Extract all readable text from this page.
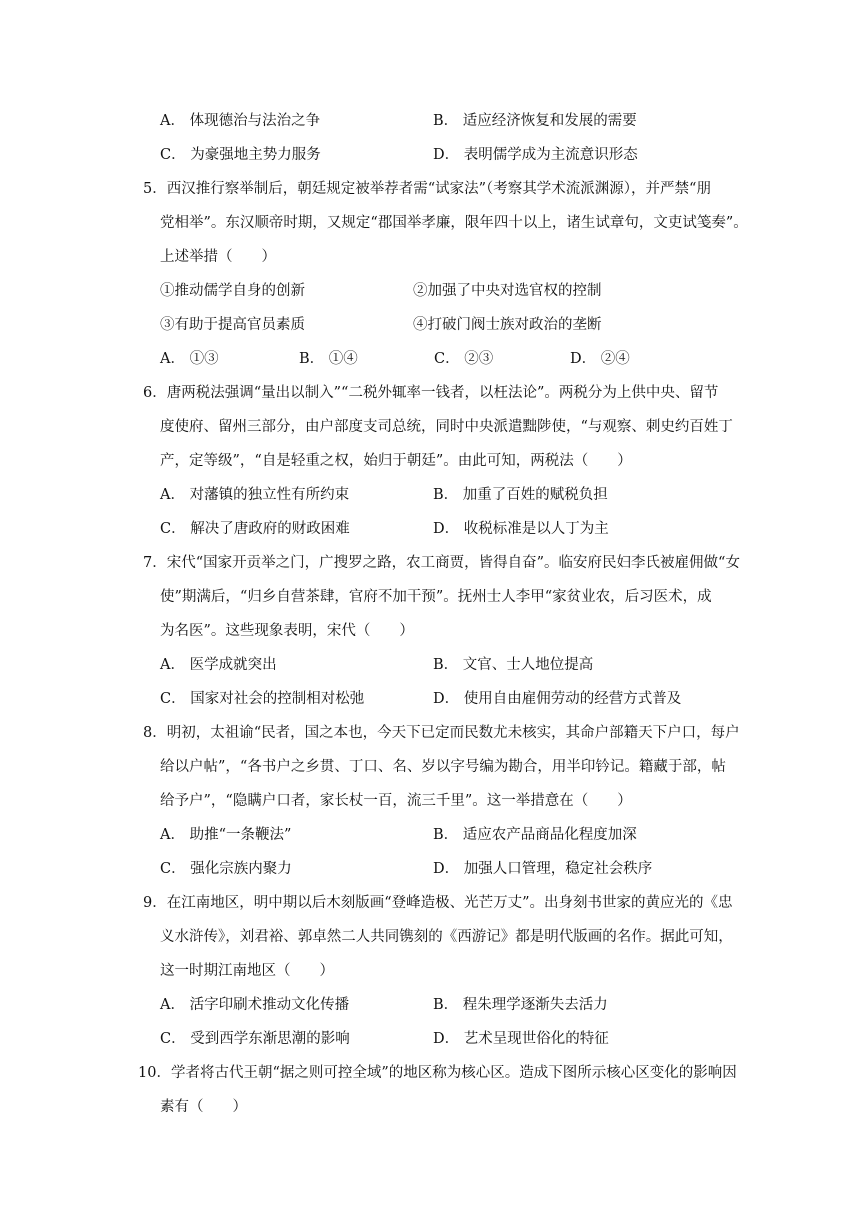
A． 体现德治与法治之争	B． 适应经济恢复和发展的需要
C． 为豪强地主势力服务	D． 表明儒学成为主流意识形态
5．西汉推行察举制后，朝廷规定被举荐者需“试家法”（考察其学术流派渊源），并严禁“朋
党相举”。东汉顺帝时期，又规定“郡国举孝廉，限年四十以上，诸生试章句，文吏试笺奏”。
上述举措（　　）
①推动儒学自身的创新	②加强了中央对选官权的控制
③有助于提高官员素质	④打破门阀士族对政治的垄断
A． ①③	B． ①④	C． ②③	D． ②④
6．唐两税法强调“量出以制入”“二税外辄率一钱者，以枉法论”。两税分为上供中央、留节
度使府、留州三部分，由户部度支司总统，同时中央派遣黜陟使，“与观察、刺史约百姓丁
产，定等级”，“自是轻重之权，始归于朝廷”。由此可知，两税法（　　）
A． 对藩镇的独立性有所约束	B． 加重了百姓的赋税负担
C． 解决了唐政府的财政困难	D． 收税标准是以人丁为主
7．宋代“国家开贡举之门，广搜罗之路，农工商贾，皆得自奋”。临安府民妇李氏被雇佣做“女
使”期满后，“归乡自营茶肆，官府不加干预”。抚州士人李甲“家贫业农，后习医术，成
为名医”。这些现象表明，宋代（　　）
A． 医学成就突出	B． 文官、士人地位提高
C． 国家对社会的控制相对松弛	D． 使用自由雇佣劳动的经营方式普及
8．明初，太祖谕“民者，国之本也，今天下已定而民数尤未核实，其命户部籍天下户口，每户
给以户帖”，“各书户之乡贯、丁口、名、岁以字号编为勘合，用半印钤记。籍藏于部，帖
给予户”，“隐瞒户口者，家长杖一百，流三千里”。这一举措意在（　　）
A． 助推“一条鞭法”	B． 适应农产品商品化程度加深
C． 强化宗族内聚力	D． 加强人口管理，稳定社会秩序
9．在江南地区，明中期以后木刻版画“登峰造极、光芒万丈”。出身刻书世家的黄应光的《忠
义水浒传》，刘君裕、郭卓然二人共同镌刻的《西游记》都是明代版画的名作。据此可知，
这一时期江南地区（　　）
A． 活字印刷术推动文化传播	B． 程朱理学逐渐失去活力
C． 受到西学东渐思潮的影响	D． 艺术呈现世俗化的特征
10．学者将古代王朝“据之则可控全域”的地区称为核心区。造成下图所示核心区变化的影响因
素有（　　）
